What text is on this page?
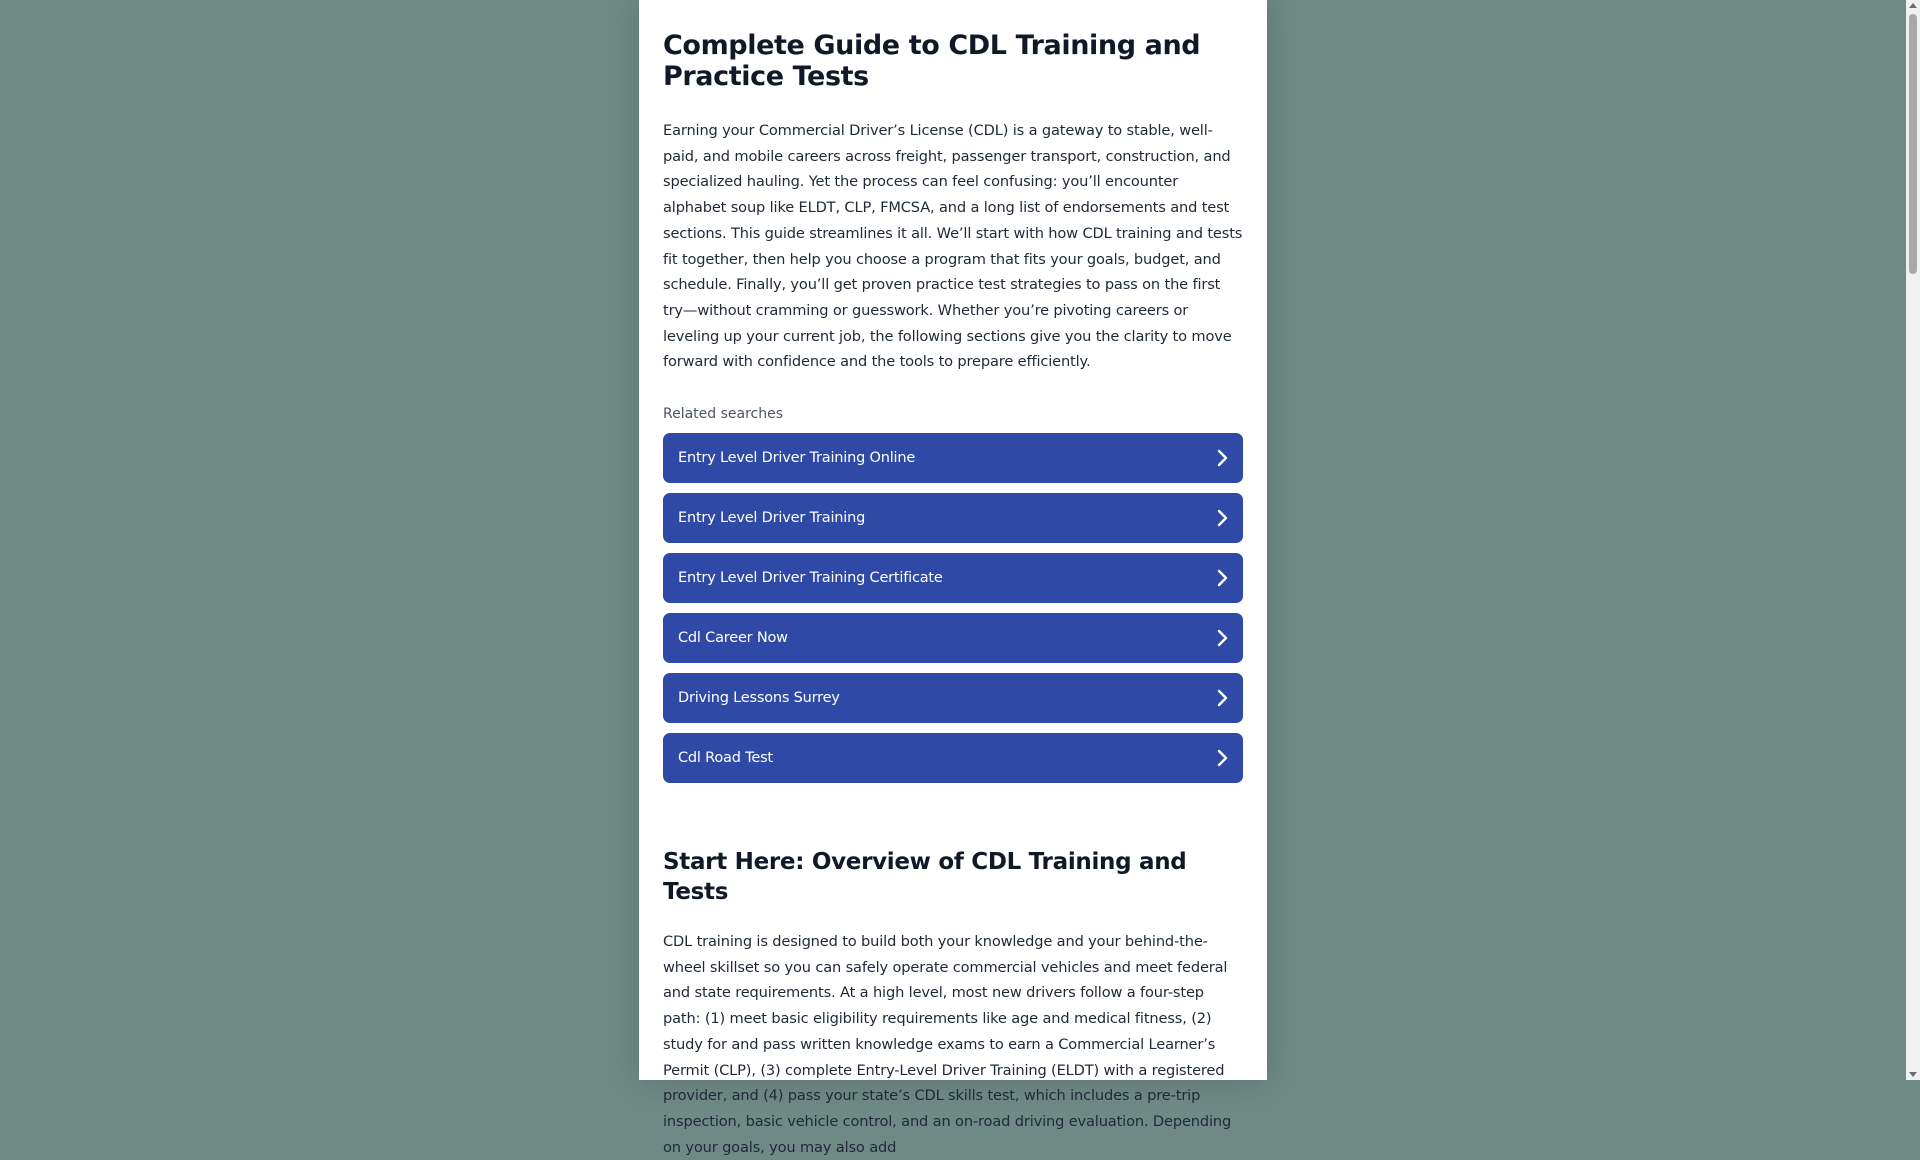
Complete Guide to CDL Training and Practice Tests

Earning your Commercial Driver’s License (CDL) is a gateway to stable, well-paid, and mobile careers across freight, passenger transport, construction, and specialized hauling. Yet the process can feel confusing: you’ll encounter alphabet soup like ELDT, CLP, FMCSA, and a long list of endorsements and test sections. This guide streamlines it all. We’ll start with how CDL training and tests fit together, then help you choose a program that fits your goals, budget, and schedule. Finally, you’ll get proven practice test strategies to pass on the first try—without cramming or guesswork. Whether you’re pivoting careers or leveling up your current job, the following sections give you the clarity to move forward with confidence and the tools to prepare efficiently.

Related searches
Entry Level Driver Training Online
Entry Level Driver Training
Entry Level Driver Training Certificate
Cdl Career Now
Driving Lessons Surrey
Cdl Road Test
Start Here: Overview of CDL Training and Tests

CDL training is designed to build both your knowledge and your behind-the-wheel skillset so you can safely operate commercial vehicles and meet federal and state requirements. At a high level, most new drivers follow a four-step path: (1) meet basic eligibility requirements like age and medical fitness, (2) study for and pass written knowledge exams to earn a Commercial Learner’s Permit (CLP), (3) complete Entry-Level Driver Training (ELDT) with a registered provider, and (4) pass your state’s CDL skills test, which includes a pre-trip inspection, basic vehicle control, and an on-road driving evaluation. Depending on your goals, you may also add
